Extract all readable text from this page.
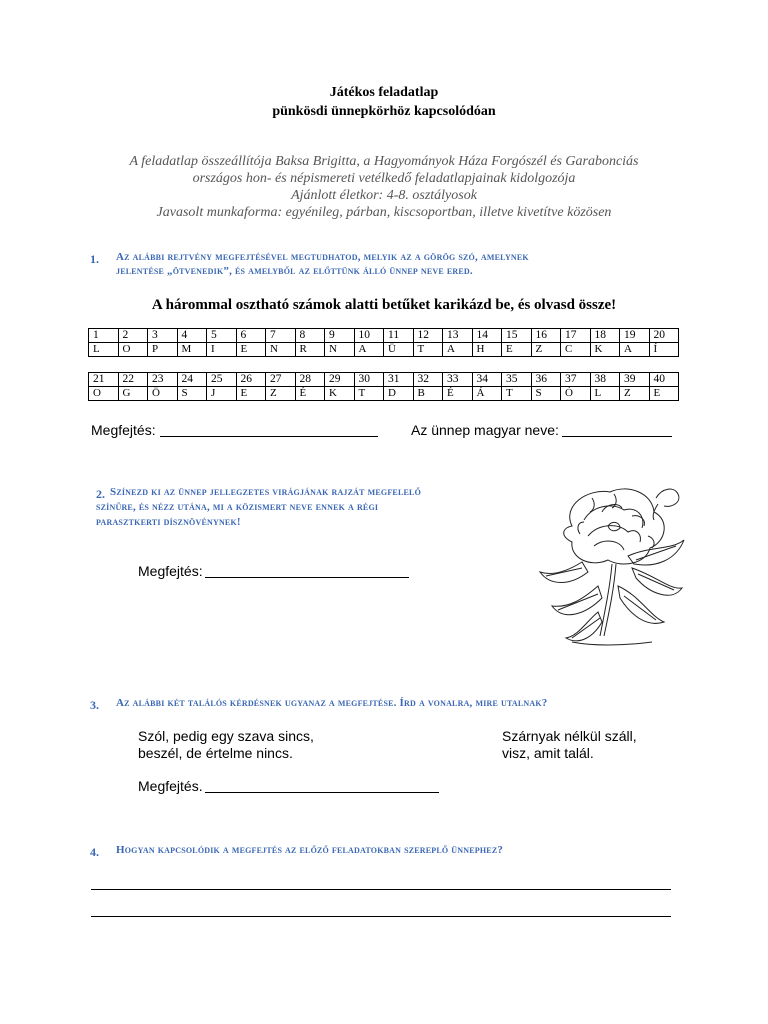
Játékos feladatlap
pünkösdi ünnepkörhöz kapcsolódóan
A feladatlap összeállítója Baksa Brigitta, a Hagyományok Háza Forgószél és Garabonciás
országos hon- és népismereti vetélkedő feladatlapjainak kidolgozója
Ajánlott életkor: 4-8. osztályosok
Javasolt munkaforma: egyénileg, párban, kiscsoportban, illetve kivetítve közösen
1. Az alábbi rejtvény megfejtésével megtudhatod, melyik az a görög szó, amelynek
jelentése „ötvenedik”, és amelyből az előttünk álló ünnep neve ered.
A hárommal osztható számok alatti betűket karikázd be, és olvasd össze!
1	2	3	4	5	6	7	8	9	10	11	12	13	14	15	16	17	18	19	20
L	O	P	M	I	E	N	R	N	A	Ü	T	A	H	E	Z	C	K	A	Í
21	22	23	24	25	26	27	28	29	30	31	32	33	34	35	36	37	38	39	40
O	G	Ö	S	J	E	Z	É	K	T	D	B	É	Á	T	S	Ó	L	Z	E
Megfejtés:	Az ünnep magyar neve:
2. Színezd ki az ünnep jellegzetes virágjának rajzát megfelelő
színűre, és nézz utána, mi a közismert neve ennek a régi
parasztkerti dísznövénynek!
Megfejtés:
3. Az alábbi két találós kérdésnek ugyanaz a megfejtése. Írd a vonalra, mire utalnak?
Szól, pedig egy szava sincs,
beszél, de értelme nincs.
Szárnyak nélkül száll,
visz, amit talál.
Megfejtés.
4. Hogyan kapcsolódik a megfejtés az előző feladatokban szereplő ünnephez?
